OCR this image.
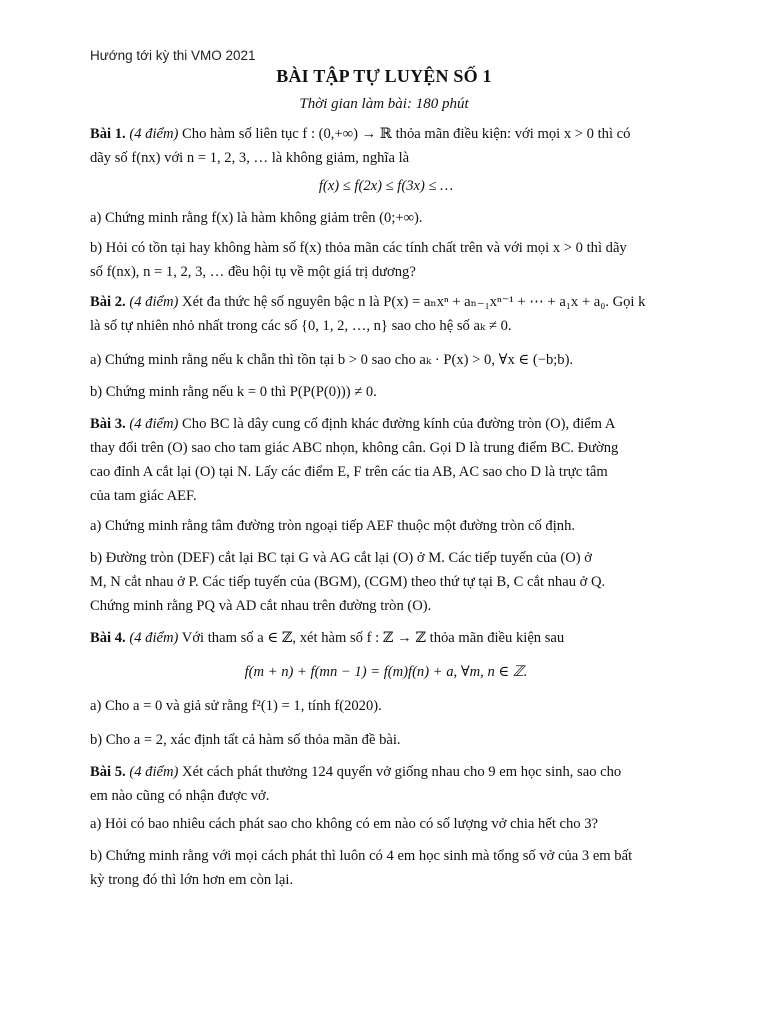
Hướng tới kỳ thi VMO 2021
BÀI TẬP TỰ LUYỆN SỐ 1
Thời gian làm bài: 180 phút
Bài 1. (4 điểm) Cho hàm số liên tục f : (0,+∞) → ℝ thỏa mãn điều kiện: với mọi x > 0 thì có
dãy số f(nx) với n = 1, 2, 3, … là không giảm, nghĩa là
f(x) ≤ f(2x) ≤ f(3x) ≤ …
a) Chứng minh rằng f(x) là hàm không giảm trên (0;+∞).
b) Hỏi có tồn tại hay không hàm số f(x) thỏa mãn các tính chất trên và với mọi x > 0 thì dãy
số f(nx), n = 1, 2, 3, … đều hội tụ về một giá trị dương?
Bài 2. (4 điểm) Xét đa thức hệ số nguyên bậc n là P(x) = aₙxⁿ + aₙ₋₁xⁿ⁻¹ + ⋯ + a₁x + a₀. Gọi k
là số tự nhiên nhỏ nhất trong các số {0, 1, 2, …, n} sao cho hệ số aₖ ≠ 0.
a) Chứng minh rằng nếu k chẵn thì tồn tại b > 0 sao cho aₖ · P(x) > 0, ∀x ∈ (−b;b).
b) Chứng minh rằng nếu k = 0 thì P(P(P(0))) ≠ 0.
Bài 3. (4 điểm) Cho BC là dây cung cố định khác đường kính của đường tròn (O), điểm A
thay đổi trên (O) sao cho tam giác ABC nhọn, không cân. Gọi D là trung điểm BC. Đường
cao đỉnh A cắt lại (O) tại N. Lấy các điểm E, F trên các tia AB, AC sao cho D là trực tâm
của tam giác AEF.
a) Chứng minh rằng tâm đường tròn ngoại tiếp AEF thuộc một đường tròn cố định.
b) Đường tròn (DEF) cắt lại BC tại G và AG cắt lại (O) ở M. Các tiếp tuyến của (O) ở
M, N cắt nhau ở P. Các tiếp tuyến của (BGM), (CGM) theo thứ tự tại B, C cắt nhau ở Q.
Chứng minh rằng PQ và AD cắt nhau trên đường tròn (O).
Bài 4. (4 điểm) Với tham số a ∈ ℤ, xét hàm số f : ℤ → ℤ thỏa mãn điều kiện sau
f(m + n) + f(mn − 1) = f(m)f(n) + a, ∀m, n ∈ ℤ.
a) Cho a = 0 và giả sử rằng f²(1) = 1, tính f(2020).
b) Cho a = 2, xác định tất cả hàm số thỏa mãn đề bài.
Bài 5. (4 điểm) Xét cách phát thưởng 124 quyển vở giống nhau cho 9 em học sinh, sao cho
em nào cũng có nhận được vở.
a) Hỏi có bao nhiêu cách phát sao cho không có em nào có số lượng vở chia hết cho 3?
b) Chứng minh rằng với mọi cách phát thì luôn có 4 em học sinh mà tổng số vở của 3 em bất
kỳ trong đó thì lớn hơn em còn lại.
